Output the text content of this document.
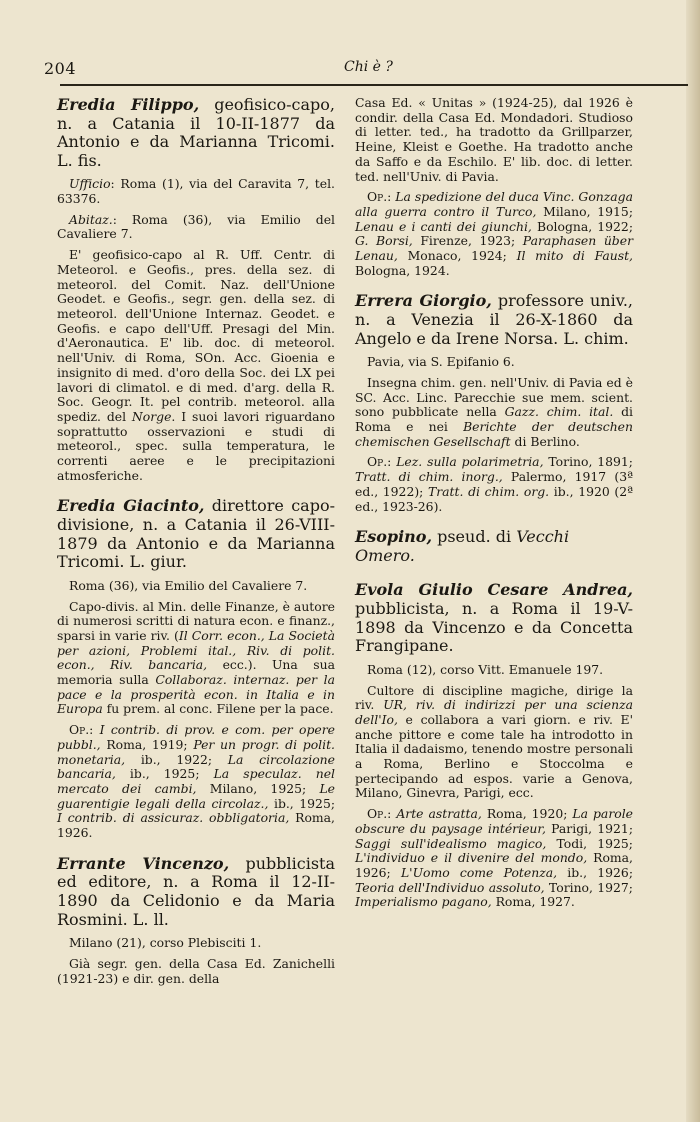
204	Chi è ?

Eredia Filippo, geofisico-capo, n. a Catania il 10-II-1877 da Antonio e da Marianna Tricomi. L. fis.

Ufficio: Roma (1), via del Caravita 7, tel. 63376.

Abitaz.: Roma (36), via Emilio del Cavaliere 7.

E' geofisico-capo al R. Uff. Centr. di Meteorol. e Geofis., pres. della sez. di meteorol. del Comit. Naz. dell'Unione Geodet. e Geofis., segr. gen. della sez. di meteorol. dell'Unione Internaz. Geodet. e Geofis. e capo dell'Uff. Presagi del Min. d'Aeronautica. E' lib. doc. di meteorol. nell'Univ. di Roma, SOn. Acc. Gioenia e insignito di med. d'oro della Soc. dei LX pei lavori di climatol. e di med. d'arg. della R. Soc. Geogr. It. pel contrib. meteorol. alla spediz. del Norge. I suoi lavori riguardano soprattutto osservazioni e studi di meteorol., spec. sulla temperatura, le correnti aeree e le precipitazioni atmosferiche.

Eredia Giacinto, direttore capo-divisione, n. a Catania il 26-VIII-1879 da Antonio e da Marianna Tricomi. L. giur.

Roma (36), via Emilio del Cavaliere 7.

Capo-divis. al Min. delle Finanze, è autore di numerosi scritti di natura econ. e finanz., sparsi in varie riv. (Il Corr. econ., La Società per azioni, Problemi ital., Riv. di polit. econ., Riv. bancaria, ecc.). Una sua memoria sulla Collaboraz. internaz. per la pace e la prosperità econ. in Italia e in Europa fu prem. al conc. Filene per la pace.

Op.: I contrib. di prov. e com. per opere pubbl., Roma, 1919; Per un progr. di polit. monetaria, ib., 1922; La circolazione bancaria, ib., 1925; La speculaz. nel mercato dei cambi, Milano, 1925; Le guarentigie legali della circolaz., ib., 1925; I contrib. di assicuraz. obbligatoria, Roma, 1926.

Errante Vincenzo, pubblicista ed editore, n. a Roma il 12-II-1890 da Celidonio e da Maria Rosmini. L. ll.

Milano (21), corso Plebisciti 1.

Già segr. gen. della Casa Ed. Zanichelli (1921-23) e dir. gen. della

Casa Ed. « Unitas » (1924-25), dal 1926 è condir. della Casa Ed. Mondadori. Studioso di letter. ted., ha tradotto da Grillparzer, Heine, Kleist e Goethe. Ha tradotto anche da Saffo e da Eschilo. E' lib. doc. di letter. ted. nell'Univ. di Pavia.

Op.: La spedizione del duca Vinc. Gonzaga alla guerra contro il Turco, Milano, 1915; Lenau e i canti dei giunchi, Bologna, 1922; G. Borsi, Firenze, 1923; Paraphasen über Lenau, Monaco, 1924; Il mito di Faust, Bologna, 1924.

Errera Giorgio, professore univ., n. a Venezia il 26-X-1860 da Angelo e da Irene Norsa. L. chim.

Pavia, via S. Epifanio 6.

Insegna chim. gen. nell'Univ. di Pavia ed è SC. Acc. Linc. Parecchie sue mem. scient. sono pubblicate nella Gazz. chim. ital. di Roma e nei Berichte der deutschen chemischen Gesellschaft di Berlino.

Op.: Lez. sulla polarimetria, Torino, 1891; Tratt. di chim. inorg., Palermo, 1917 (3ª ed., 1922); Tratt. di chim. org. ib., 1920 (2ª ed., 1923-26).

Esopino, pseud. di Vecchi Omero.

Evola Giulio Cesare Andrea, pubblicista, n. a Roma il 19-V-1898 da Vincenzo e da Concetta Frangipane.

Roma (12), corso Vitt. Emanuele 197.

Cultore di discipline magiche, dirige la riv. UR, riv. di indirizzi per una scienza dell'Io, e collabora a vari giorn. e riv. E' anche pittore e come tale ha introdotto in Italia il dadaismo, tenendo mostre personali a Roma, Berlino e Stoccolma e pertecipando ad espos. varie a Genova, Milano, Ginevra, Parigi, ecc.

Op.: Arte astratta, Roma, 1920; La parole obscure du paysage intérieur, Parigi, 1921; Saggi sull'idealismo magico, Todi, 1925; L'individuo e il divenire del mondo, Roma, 1926; L'Uomo come Potenza, ib., 1926; Teoria dell'Individuo assoluto, Torino, 1927; Imperialismo pagano, Roma, 1927.
